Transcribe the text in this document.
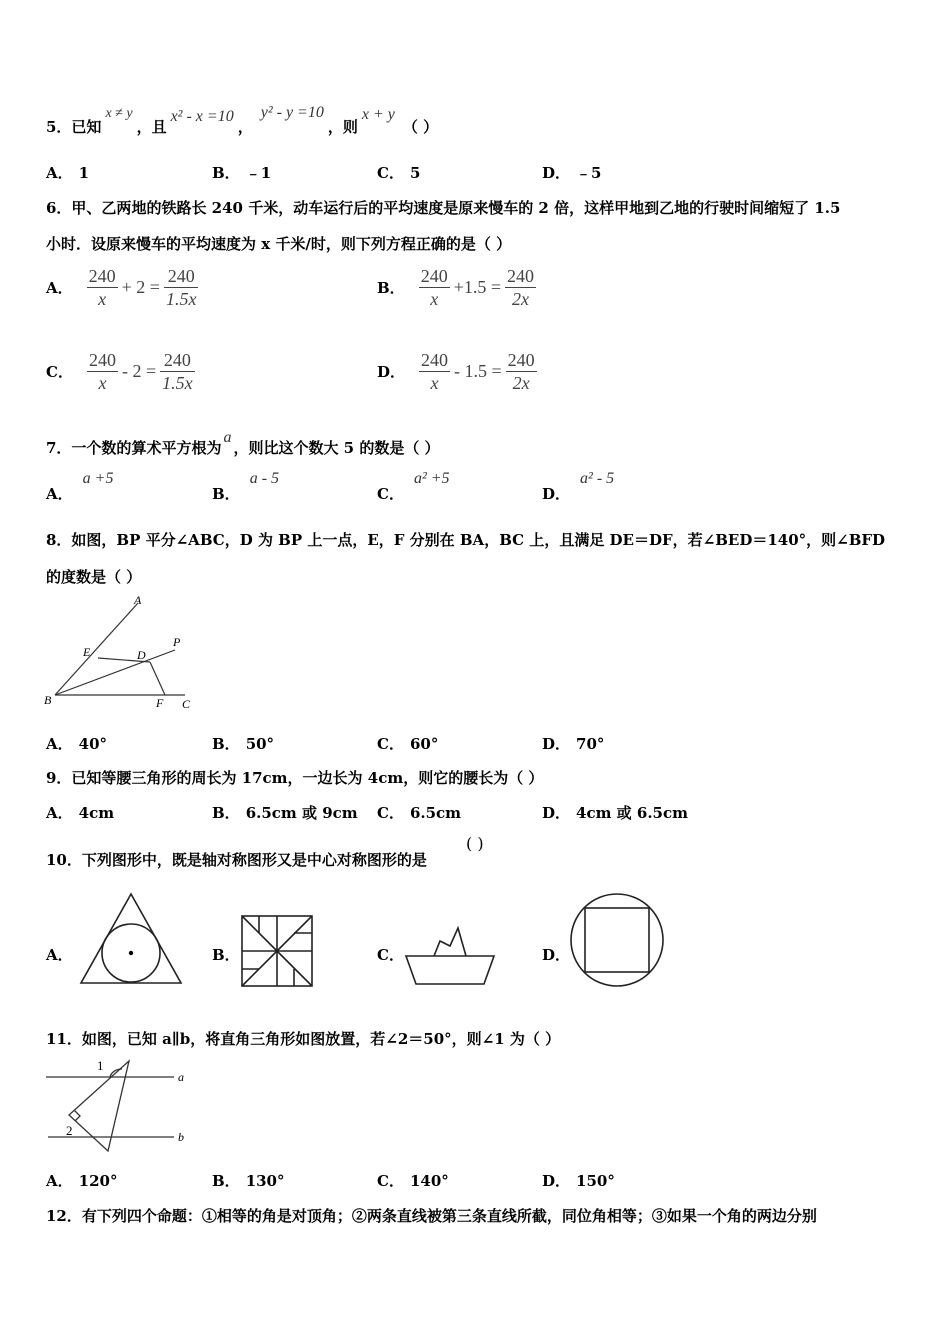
5．已知
x ≠ y
，且
x² - x =10
，
y² - y =10
，则
x + y
（ ）
A． 1	B． ﹣1	C． 5	D． ﹣5
6．甲、乙两地的铁路长 240 千米，动车运行后的平均速度是原来慢车的 2 倍，这样甲地到乙地的行驶时间缩短了 1.5
小时．设原来慢车的平均速度为 x 千米/时，则下列方程正确的是（ ）
A． $\frac{240}{x} + 2 = \frac{240}{1.5x}$	B． $\frac{240}{x} +1.5 = \frac{240}{2x}$
C． $\frac{240}{x} - 2 = \frac{240}{1.5x}$	D． $\frac{240}{x} - 1.5 = \frac{240}{2x}$
7．一个数的算术平方根为
a
，则比这个数大 5 的数是（ ）
A．
a +5
B．
a - 5
C．
a² +5
D．
a² - 5
8．如图，BP 平分∠ABC，D 为 BP 上一点，E，F 分别在 BA，BC 上，且满足 DE＝DF，若∠BED＝140°，则∠BFD
的度数是（ ）
A
E	D
P
B	F C
A． 40°	B． 50°	C． 60°	D． 70°
9．已知等腰三角形的周长为 17cm，一边长为 4cm，则它的腰长为（ ）
A． 4cm	B． 6.5cm 或 9cm C． 6.5cm	D． 4cm 或 6.5cm
10．下列图形中，既是轴对称图形又是中心对称图形的是
( )
A．	B．	C．	D．
11．如图，已知 a∥b，将直角三角形如图放置，若∠2＝50°，则∠1 为（ ）
1
2
a
b
A． 120°	B． 130°	C． 140°	D． 150°
12．有下列四个命题：①相等的角是对顶角；②两条直线被第三条直线所截，同位角相等；③如果一个角的两边分别
